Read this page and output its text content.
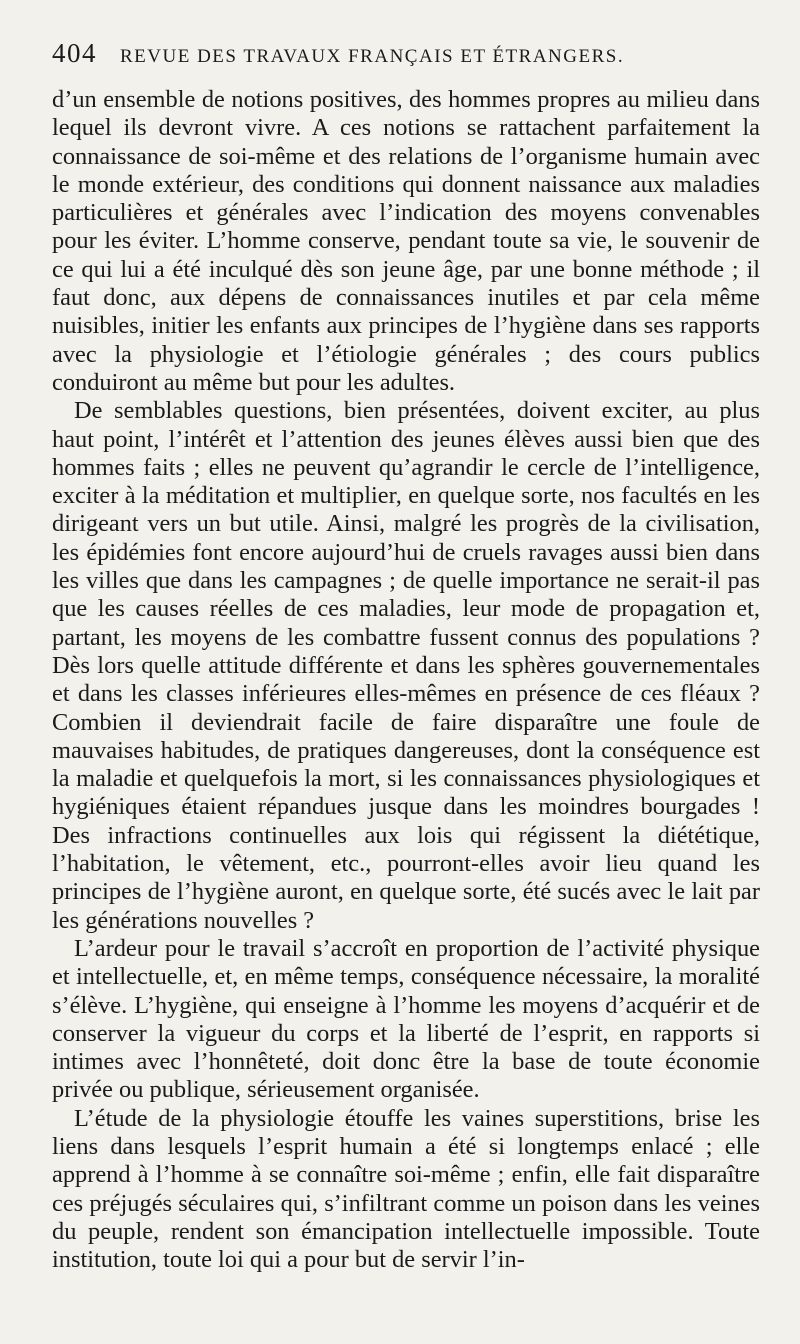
404	REVUE DES TRAVAUX FRANÇAIS ET ÉTRANGERS.

d’un ensemble de notions positives, des hommes propres au milieu dans lequel ils devront vivre. A ces notions se rattachent parfaitement la connaissance de soi-même et des relations de l’organisme humain avec le monde extérieur, des conditions qui donnent naissance aux maladies particulières et générales avec l’indication des moyens convenables pour les éviter. L’homme conserve, pendant toute sa vie, le souvenir de ce qui lui a été inculqué dès son jeune âge, par une bonne méthode ; il faut donc, aux dépens de connaissances inutiles et par cela même nuisibles, initier les enfants aux principes de l’hygiène dans ses rapports avec la physiologie et l’étiologie générales ; des cours publics conduiront au même but pour les adultes.

De semblables questions, bien présentées, doivent exciter, au plus haut point, l’intérêt et l’attention des jeunes élèves aussi bien que des hommes faits ; elles ne peuvent qu’agrandir le cercle de l’intelligence, exciter à la méditation et multiplier, en quelque sorte, nos facultés en les dirigeant vers un but utile. Ainsi, malgré les progrès de la civilisation, les épidémies font encore aujourd’hui de cruels ravages aussi bien dans les villes que dans les campagnes ; de quelle importance ne serait-il pas que les causes réelles de ces maladies, leur mode de propagation et, partant, les moyens de les combattre fussent connus des populations ? Dès lors quelle attitude différente et dans les sphères gouvernementales et dans les classes inférieures elles-mêmes en présence de ces fléaux ? Combien il deviendrait facile de faire disparaître une foule de mauvaises habitudes, de pratiques dangereuses, dont la conséquence est la maladie et quelquefois la mort, si les connaissances physiologiques et hygiéniques étaient répandues jusque dans les moindres bourgades ! Des infractions continuelles aux lois qui régissent la diététique, l’habitation, le vêtement, etc., pourront-elles avoir lieu quand les principes de l’hygiène auront, en quelque sorte, été sucés avec le lait par les générations nouvelles ?

L’ardeur pour le travail s’accroît en proportion de l’activité physique et intellectuelle, et, en même temps, conséquence nécessaire, la moralité s’élève. L’hygiène, qui enseigne à l’homme les moyens d’acquérir et de conserver la vigueur du corps et la liberté de l’esprit, en rapports si intimes avec l’honnêteté, doit donc être la base de toute économie privée ou publique, sérieusement organisée.

L’étude de la physiologie étouffe les vaines superstitions, brise les liens dans lesquels l’esprit humain a été si longtemps enlacé ; elle apprend à l’homme à se connaître soi-même ; enfin, elle fait disparaître ces préjugés séculaires qui, s’infiltrant comme un poison dans les veines du peuple, rendent son émancipation intellectuelle impossible. Toute institution, toute loi qui a pour but de servir l’in-
